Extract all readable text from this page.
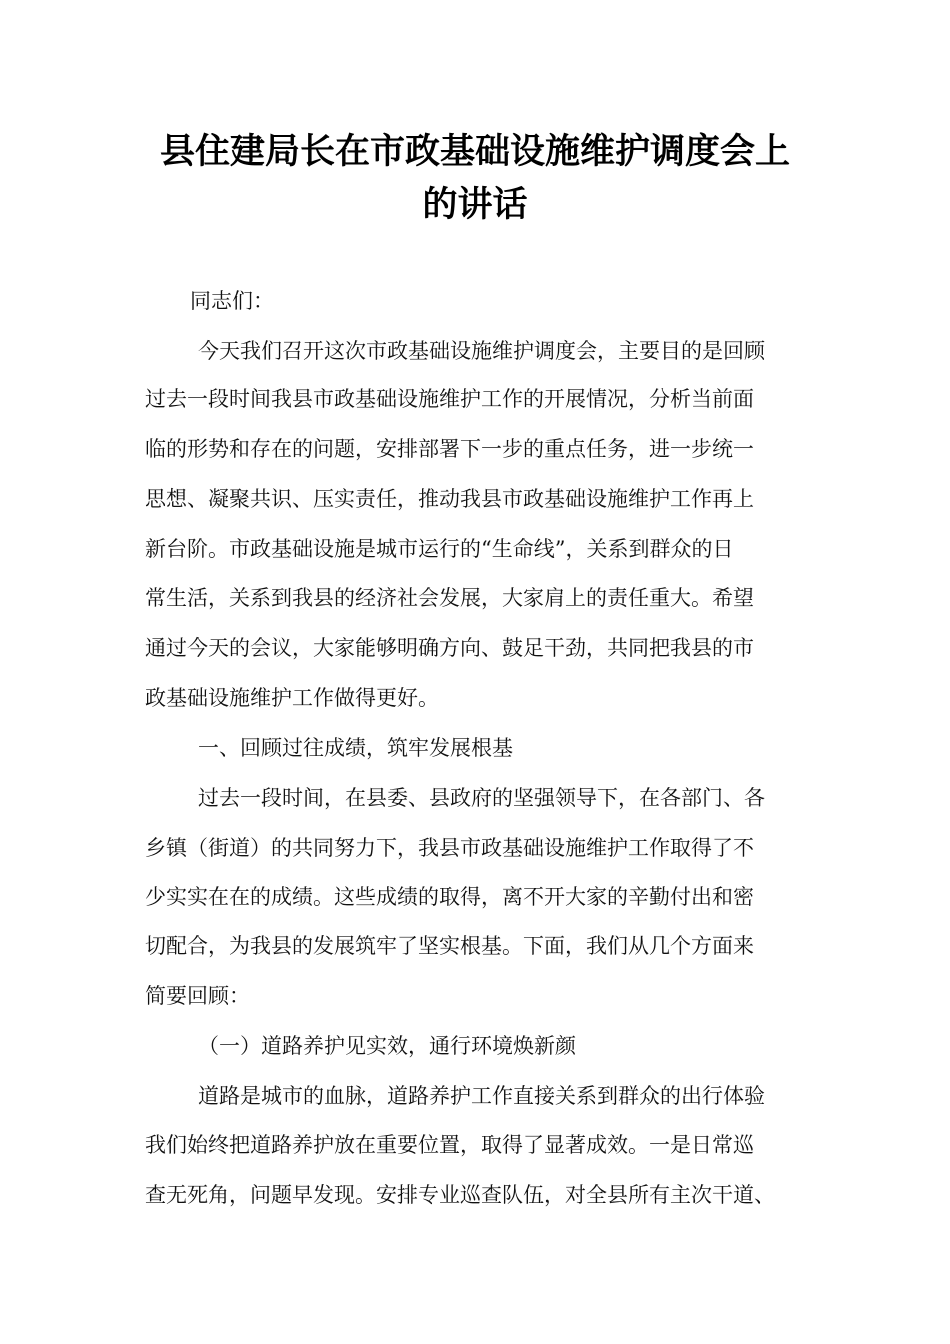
县住建局长在市政基础设施维护调度会上
的讲话
同志们：
今天我们召开这次市政基础设施维护调度会，主要目的是回顾
过去一段时间我县市政基础设施维护工作的开展情况，分析当前面
临的形势和存在的问题，安排部署下一步的重点任务，进一步统一
思想、凝聚共识、压实责任，推动我县市政基础设施维护工作再上
新台阶。市政基础设施是城市运行的“生命线”，关系到群众的日
常生活，关系到我县的经济社会发展，大家肩上的责任重大。希望
通过今天的会议，大家能够明确方向、鼓足干劲，共同把我县的市
政基础设施维护工作做得更好。
一、回顾过往成绩，筑牢发展根基
过去一段时间，在县委、县政府的坚强领导下，在各部门、各
乡镇（街道）的共同努力下，我县市政基础设施维护工作取得了不
少实实在在的成绩。这些成绩的取得，离不开大家的辛勤付出和密
切配合，为我县的发展筑牢了坚实根基。下面，我们从几个方面来
简要回顾：
（一）道路养护见实效，通行环境焕新颜
道路是城市的血脉，道路养护工作直接关系到群众的出行体验
我们始终把道路养护放在重要位置，取得了显著成效。一是日常巡
查无死角，问题早发现。安排专业巡查队伍，对全县所有主次干道、
